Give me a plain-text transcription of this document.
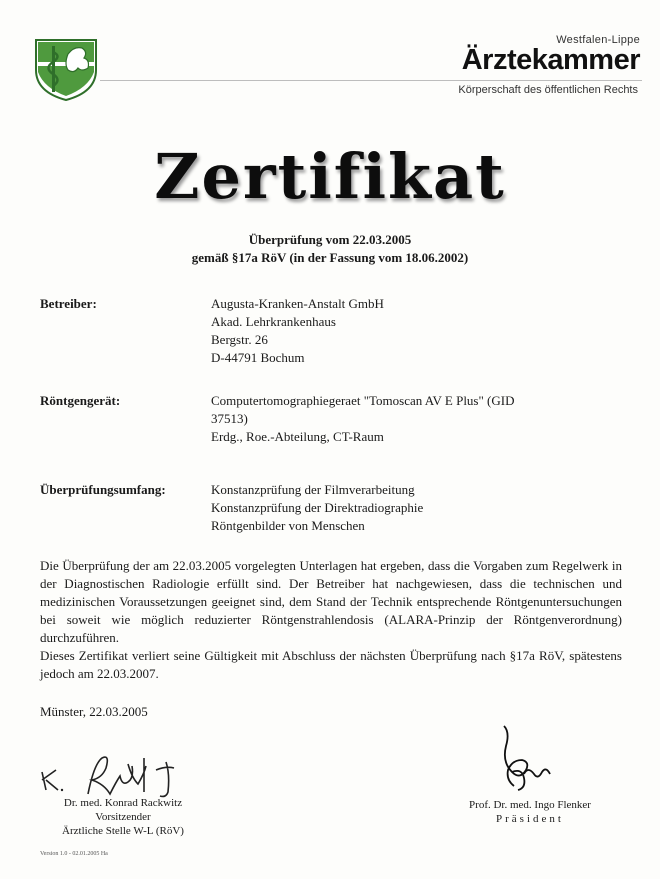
Westfalen-Lippe
Ärztekammer
Körperschaft des öffentlichen Rechts
Zertifikat
Überprüfung vom 22.03.2005
gemäß §17a RöV (in der Fassung vom 18.06.2002)
Betreiber:	Augusta-Kranken-Anstalt GmbH
Akad. Lehrkrankenhaus
Bergstr. 26
D-44791 Bochum
Röntgengerät:	Computertomographiegeraet "Tomoscan AV E Plus" (GID
37513)
Erdg., Roe.-Abteilung, CT-Raum
Überprüfungsumfang:	Konstanzprüfung der Filmverarbeitung
Konstanzprüfung der Direktradiographie
Röntgenbilder von Menschen
Die Überprüfung der am 22.03.2005 vorgelegten Unterlagen hat ergeben, dass die Vorgaben zum Regelwerk in der Diagnostischen Radiologie erfüllt sind. Der Betreiber hat nachgewiesen, dass die technischen und medizinischen Voraussetzungen geeignet sind, dem Stand der Technik entsprechende Röntgenuntersuchungen bei soweit wie möglich reduzierter Röntgenstrahlendosis (ALARA-Prinzip der Röntgenverordnung) durchzuführen.
Dieses Zertifikat verliert seine Gültigkeit mit Abschluss der nächsten Überprüfung nach §17a RöV, spätestens jedoch am 22.03.2007.
Münster, 22.03.2005
Dr. med. Konrad Rackwitz
Vorsitzender
Ärztliche Stelle W-L (RöV)
Prof. Dr. med. Ingo Flenker
Präsident
Version 1.0 - 02.01.2005 Ha
